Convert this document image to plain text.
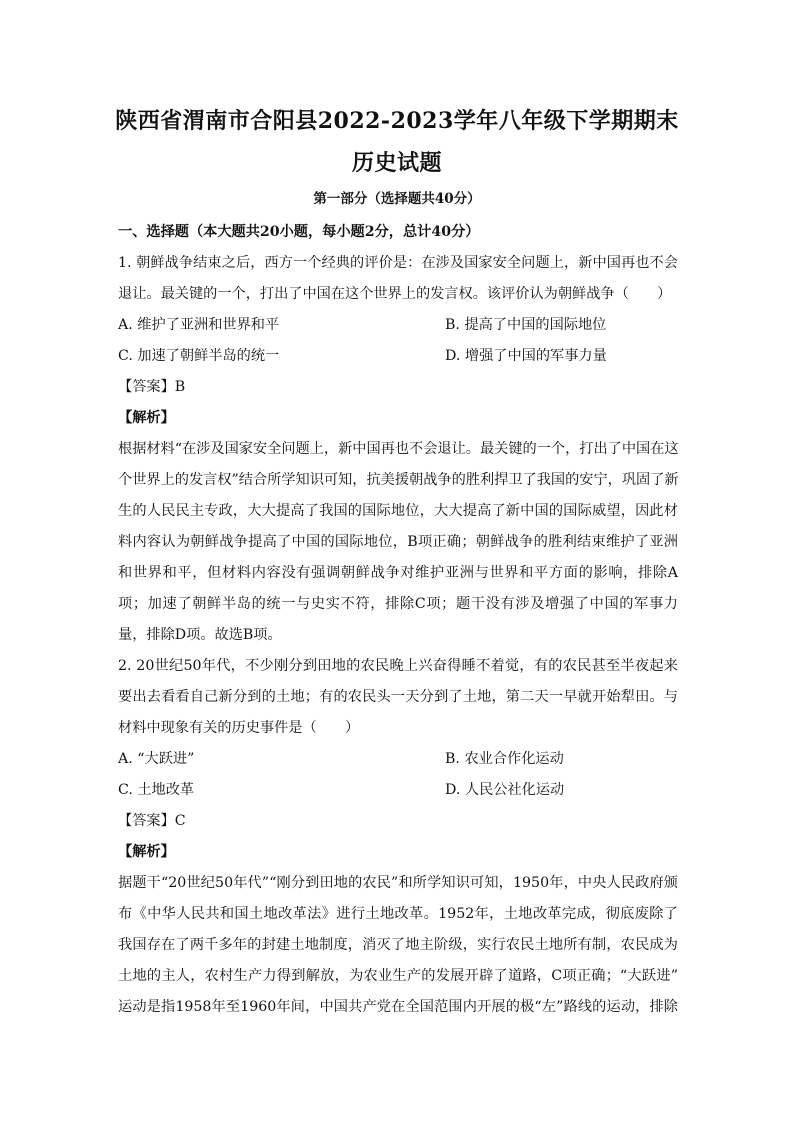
陕西省渭南市合阳县2022-2023学年八年级下学期期末
历史试题
第一部分（选择题共40分）
一、选择题（本大题共20小题，每小题2分，总计40分）
1. 朝鲜战争结束之后，西方一个经典的评价是：在涉及国家安全问题上，新中国再也不会
退让。最关键的一个，打出了中国在这个世界上的发言权。该评价认为朝鲜战争（　　）
A. 维护了亚洲和世界和平	B. 提高了中国的国际地位
C. 加速了朝鲜半岛的统一	D. 增强了中国的军事力量
【答案】B
【解析】
根据材料“在涉及国家安全问题上，新中国再也不会退让。最关键的一个，打出了中国在这
个世界上的发言权”结合所学知识可知，抗美援朝战争的胜利捍卫了我国的安宁，巩固了新
生的人民民主专政，大大提高了我国的国际地位，大大提高了新中国的国际威望，因此材
料内容认为朝鲜战争提高了中国的国际地位，B项正确；朝鲜战争的胜利结束维护了亚洲
和世界和平，但材料内容没有强调朝鲜战争对维护亚洲与世界和平方面的影响，排除A
项；加速了朝鲜半岛的统一与史实不符，排除C项；题干没有涉及增强了中国的军事力
量，排除D项。故选B项。
2. 20世纪50年代，不少刚分到田地的农民晚上兴奋得睡不着觉，有的农民甚至半夜起来
要出去看看自己新分到的土地；有的农民头一天分到了土地，第二天一早就开始犁田。与
材料中现象有关的历史事件是（　　）
A. “大跃进”	B. 农业合作化运动
C. 土地改革	D. 人民公社化运动
【答案】C
【解析】
据题干“20世纪50年代”“刚分到田地的农民”和所学知识可知，1950年，中央人民政府颁
布《中华人民共和国土地改革法》进行土地改革。1952年，土地改革完成，彻底废除了
我国存在了两千多年的封建土地制度，消灭了地主阶级，实行农民土地所有制，农民成为
土地的主人，农村生产力得到解放，为农业生产的发展开辟了道路，C项正确；“大跃进”
运动是指1958年至1960年间，中国共产党在全国范围内开展的极“左”路线的运动，排除
